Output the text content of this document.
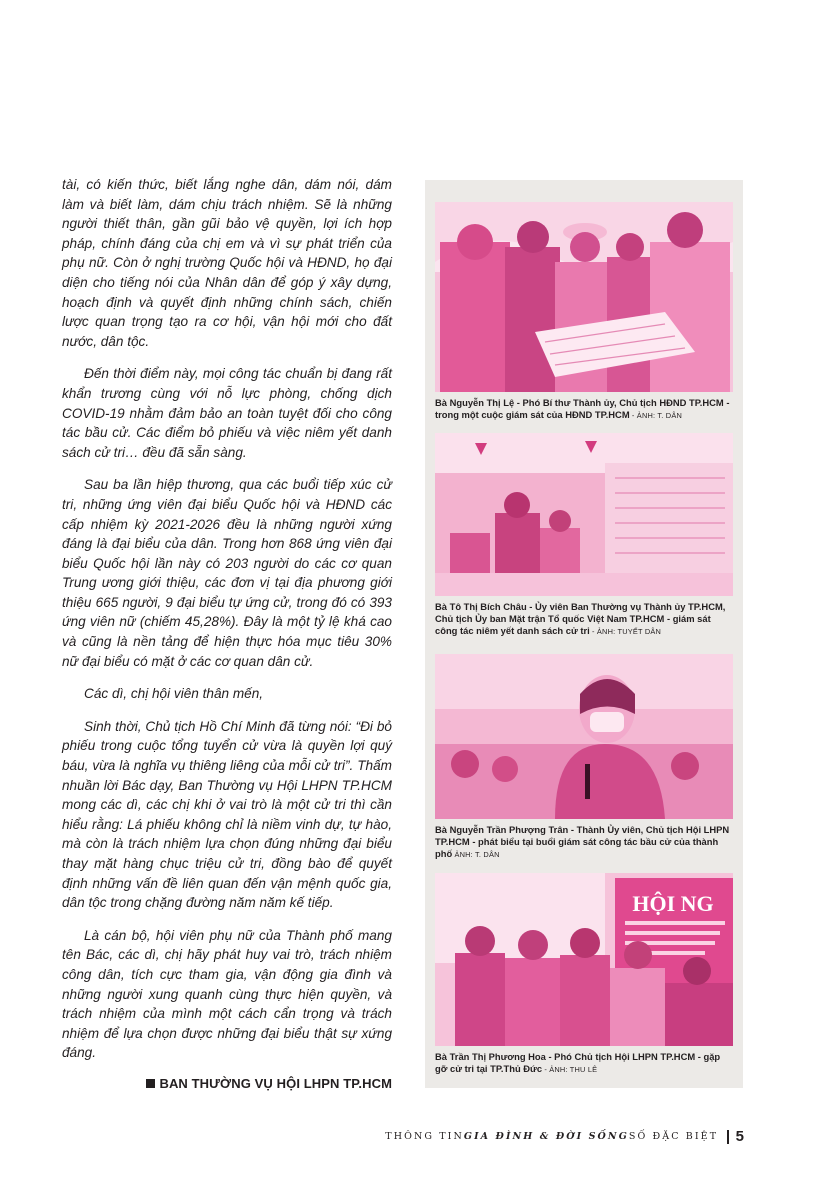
tài, có kiến thức, biết lắng nghe dân, dám nói, dám làm và biết làm, dám chịu trách nhiệm. Sẽ là những người thiết thân, gần gũi bảo vệ quyền, lợi ích hợp pháp, chính đáng của chị em và vì sự phát triển của phụ nữ. Còn ở nghị trường Quốc hội và HĐND, họ đại diện cho tiếng nói của Nhân dân để góp ý xây dựng, hoạch định và quyết định những chính sách, chiến lược quan trọng tạo ra cơ hội, vận hội mới cho đất nước, dân tộc.

Đến thời điểm này, mọi công tác chuẩn bị đang rất khẩn trương cùng với nỗ lực phòng, chống dịch COVID-19 nhằm đảm bảo an toàn tuyệt đối cho công tác bầu cử. Các điểm bỏ phiếu và việc niêm yết danh sách cử tri… đều đã sẵn sàng.

Sau ba lần hiệp thương, qua các buổi tiếp xúc cử tri, những ứng viên đại biểu Quốc hội và HĐND các cấp nhiệm kỳ 2021-2026 đều là những người xứng đáng là đại biểu của dân. Trong hơn 868 ứng viên đại biểu Quốc hội lần này có 203 người do các cơ quan Trung ương giới thiệu, các đơn vị tại địa phương giới thiệu 665 người, 9 đại biểu tự ứng cử, trong đó có 393 ứng viên nữ (chiếm 45,28%). Đây là một tỷ lệ khá cao và cũng là nền tảng để hiện thực hóa mục tiêu 30% nữ đại biểu có mặt ở các cơ quan dân cử.

Các dì, chị hội viên thân mến,

Sinh thời, Chủ tịch Hồ Chí Minh đã từng nói: “Đi bỏ phiếu trong cuộc tổng tuyển cử vừa là quyền lợi quý báu, vừa là nghĩa vụ thiêng liêng của mỗi cử tri”. Thấm nhuần lời Bác dạy, Ban Thường vụ Hội LHPN TP.HCM mong các dì, các chị khi ở vai trò là một cử tri thì cần hiểu rằng: Lá phiếu không chỉ là niềm vinh dự, tự hào, mà còn là trách nhiệm lựa chọn đúng những đại biểu thay mặt hàng chục triệu cử tri, đồng bào để quyết định những vấn đề liên quan đến vận mệnh quốc gia, dân tộc trong chặng đường năm năm kế tiếp.

Là cán bộ, hội viên phụ nữ của Thành phố mang tên Bác, các dì, chị hãy phát huy vai trò, trách nhiệm công dân, tích cực tham gia, vận động gia đình và những người xung quanh cùng thực hiện quyền, và trách nhiệm của mình một cách cẩn trọng và trách nhiệm để lựa chọn được những đại biểu thật sự xứng đáng.

BAN THƯỜNG VỤ HỘI LHPN TP.HCM
Bà Nguyễn Thị Lệ - Phó Bí thư Thành ủy, Chủ tịch HĐND TP.HCM - trong một cuộc giám sát của HĐND TP.HCM - ẢNH: T. DÂN
Bà Tô Thị Bích Châu - Ủy viên Ban Thường vụ Thành ủy TP.HCM, Chủ tịch Ủy ban Mặt trận Tổ quốc Việt Nam TP.HCM - giám sát công tác niêm yết danh sách cử tri - ẢNH: TUYẾT DÂN
Bà Nguyễn Trần Phượng Trân - Thành Ủy viên, Chủ tịch Hội LHPN TP.HCM - phát biểu tại buổi giám sát công tác bầu cử của thành phố ẢNH: T. DÂN
HỘI NG
Bà Trần Thị Phương Hoa - Phó Chủ tịch Hội LHPN TP.HCM - gặp gỡ cử tri tại TP.Thủ Đức - ẢNH: THU LÊ
THÔNG TIN GIA ĐÌNH & ĐỜI SỐNG SỐ ĐẶC BIỆT 5
